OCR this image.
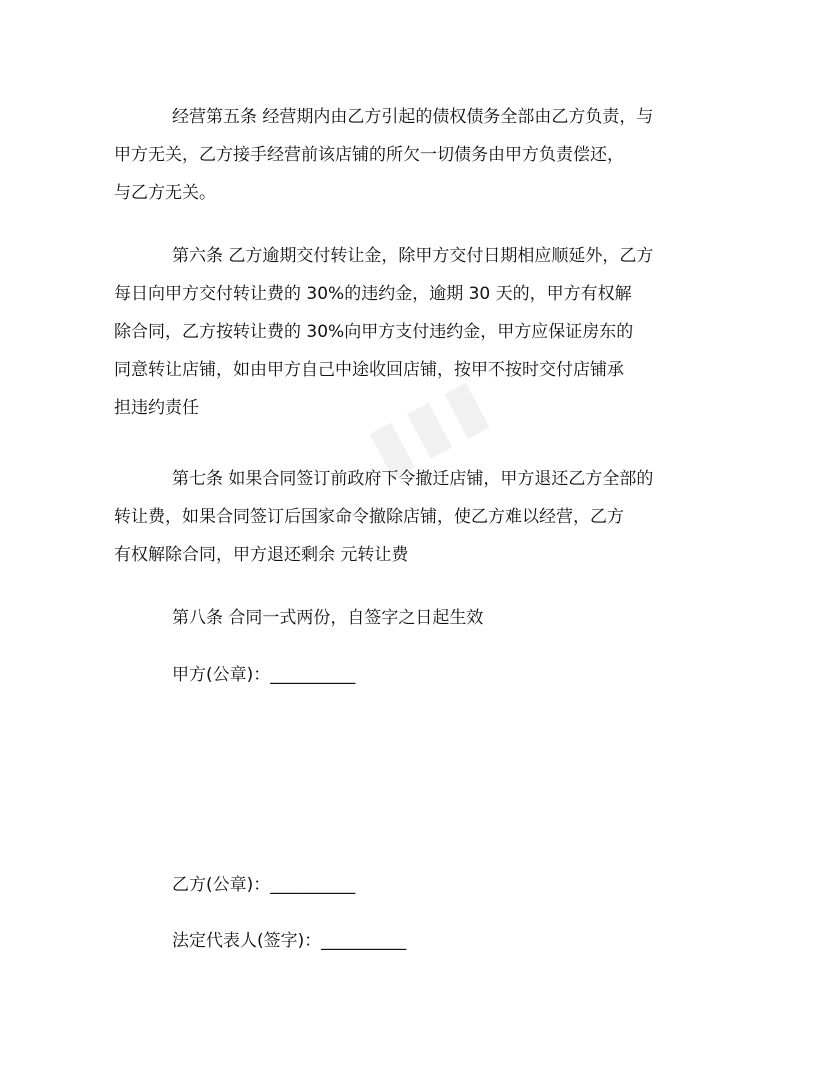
▮▮▮
经营第五条 经营期内由乙方引起的债权债务全部由乙方负责，与
甲方无关，乙方接手经营前该店铺的所欠一切债务由甲方负责偿还，
与乙方无关。
第六条 乙方逾期交付转让金，除甲方交付日期相应顺延外，乙方
每日向甲方交付转让费的 30%的违约金，逾期 30 天的，甲方有权解
除合同，乙方按转让费的 30%向甲方支付违约金，甲方应保证房东的
同意转让店铺，如由甲方自己中途收回店铺，按甲不按时交付店铺承
担违约责任
第七条 如果合同签订前政府下令撤迁店铺，甲方退还乙方全部的
转让费，如果合同签订后国家命令撤除店铺，使乙方难以经营，乙方
有权解除合同，甲方退还剩余 元转让费
第八条 合同一式两份，自签字之日起生效
甲方(公章)：__________
乙方(公章)：__________
法定代表人(签字)：__________
